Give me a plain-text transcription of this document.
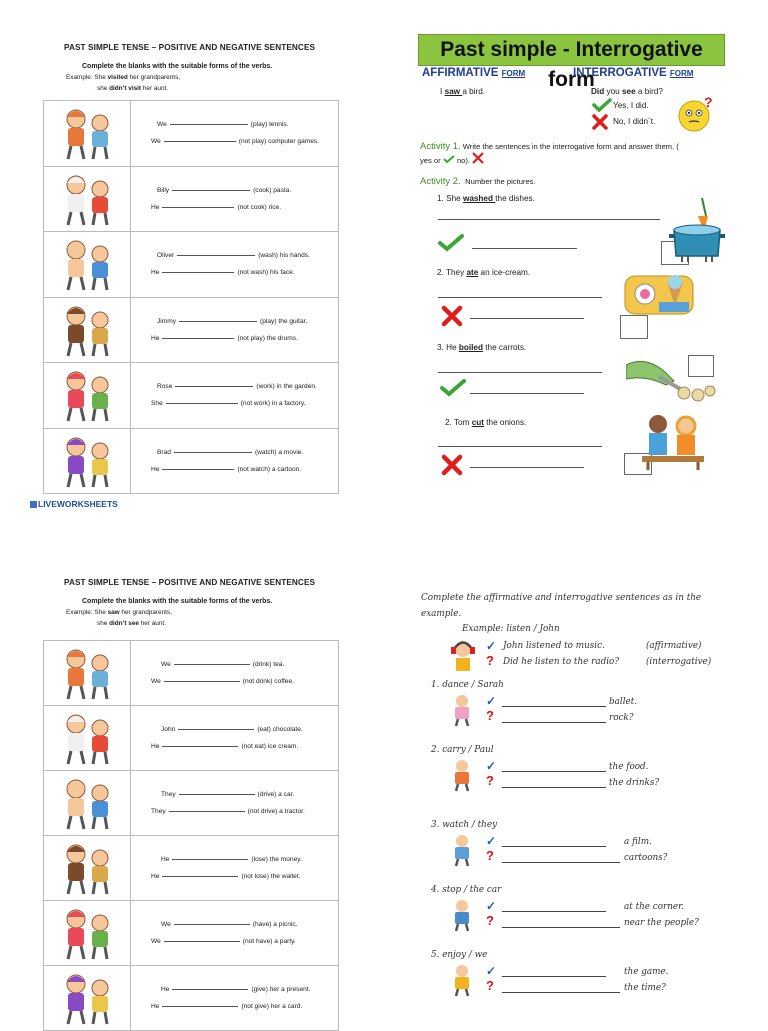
PAST SIMPLE TENSE – POSITIVE AND NEGATIVE SENTENCES
Complete the blanks with the suitable forms of the verbs.
Example: She visited her grandparents,
she didn’t visit her aunt.

We (play) tennis.
We (not play) computer games.

Billy (cook) pasta.
He (not cook) rice.

Oliver (wash) his hands.
He (not wash) his face.

Jimmy (play) the guitar.
He (not play) the drums.

Rose (work) in the garden.
She (not work) in a factory.

Brad (watch) a movie.
He (not watch) a cartoon.
LIVEWORKSHEETS
PAST SIMPLE TENSE – POSITIVE AND NEGATIVE SENTENCES
Complete the blanks with the suitable forms of the verbs.
Example: She saw her grandparents,
she didn’t see her aunt.

We (drink) tea.
We (not drink) coffee.

John (eat) chocolate.
He (not eat) ice cream.

They (drive) a car.
They (not drive) a tractor.

He (lose) the money.
He (not lose) the wallet.

We (have) a picnic.
We (not have) a party.

He (give) her a present.
He (not give) her a card.
Past simple - Interrogative form
AFFIRMATIVE FORM	INTERROGATIVE FORM
I saw a bird.	Did you see a bird?
Yes, I did.
No, I didn´t.
?
Activity 1. Write the sentences in the interrogative form and answer them. (
yes or no).
Activity 2. Number the pictures.
1. She washed the dishes.
2. They ate an ice-cream.
3. He boiled the carrots.
2. Tom cut the onions.
Complete the affirmative and interrogative sentences as in the
example.
Example: listen / John
✓ John listened to music.	(affirmative)
? Did he listen to the radio?	(interrogative)
1. dance / Sarah
✓	ballet.
?	rock?
2. carry / Paul
✓	the food.
?	the drinks?
3. watch / they
✓	a film.
?	cartoons?
4. stop / the car
✓	at the corner.
?	near the people?
5. enjoy / we
✓	the game.
?	the time?
